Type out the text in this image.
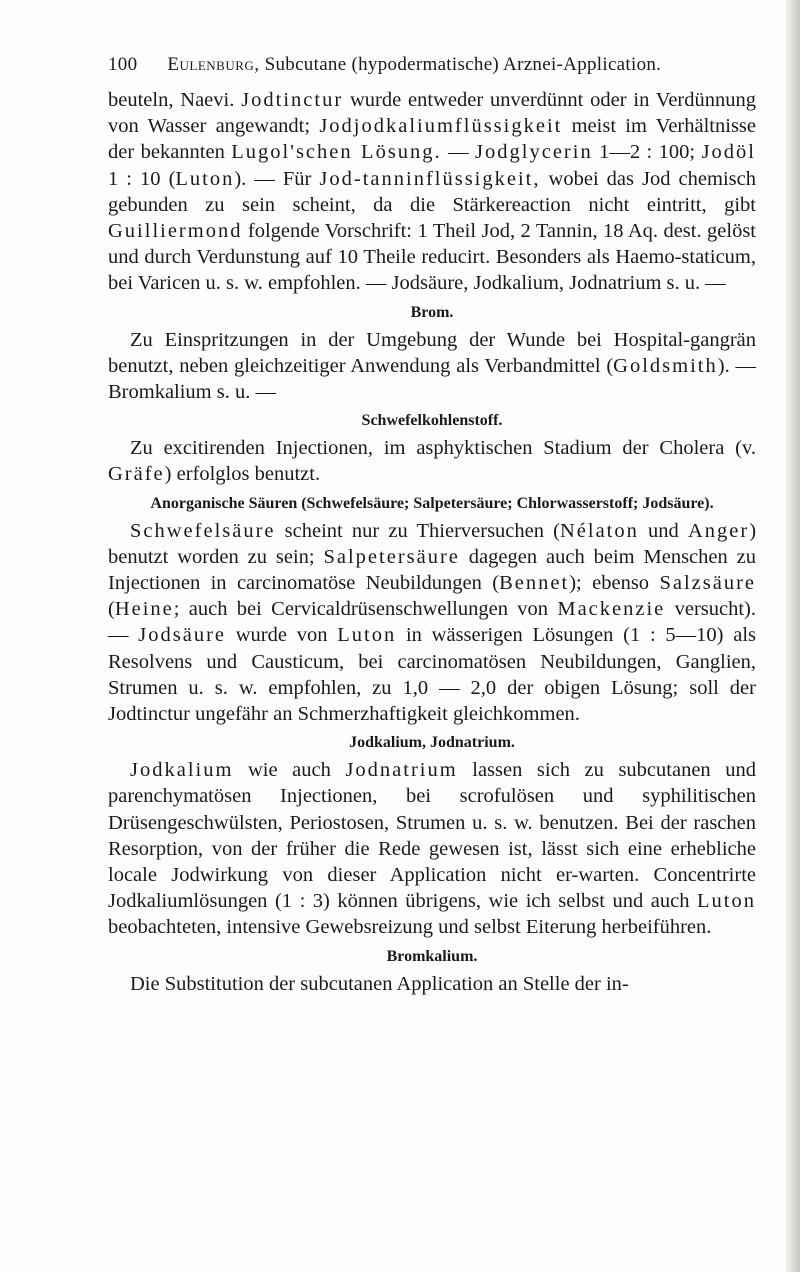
100 Eulenburg, Subcutane (hypodermatische) Arznei-Application.

beuteln, Naevi. Jodtinctur wurde entweder unverdünnt oder in Verdünnung von Wasser angewandt; Jodjodkaliumflüssigkeit meist im Verhältnisse der bekannten Lugol'schen Lösung. — Jodglycerin 1—2 : 100; Jodöl 1 : 10 (Luton). — Für Jod-tanninflüssigkeit, wobei das Jod chemisch gebunden zu sein scheint, da die Stärkereaction nicht eintritt, gibt Guilliermond folgende Vorschrift: 1 Theil Jod, 2 Tannin, 18 Aq. dest. gelöst und durch Verdunstung auf 10 Theile reducirt. Besonders als Haemo-staticum, bei Varicen u. s. w. empfohlen. — Jodsäure, Jodkalium, Jodnatrium s. u. —

Brom.

Zu Einspritzungen in der Umgebung der Wunde bei Hospital-gangrän benutzt, neben gleichzeitiger Anwendung als Verbandmittel (Goldsmith). — Bromkalium s. u. —

Schwefelkohlenstoff.

Zu excitirenden Injectionen, im asphyktischen Stadium der Cholera (v. Gräfe) erfolglos benutzt.

Anorganische Säuren (Schwefelsäure; Salpetersäure; Chlorwasserstoff; Jodsäure).

Schwefelsäure scheint nur zu Thierversuchen (Nélaton und Anger) benutzt worden zu sein; Salpetersäure dagegen auch beim Menschen zu Injectionen in carcinomatöse Neubildungen (Bennet); ebenso Salzsäure (Heine; auch bei Cervicaldrüsenschwellungen von Mackenzie versucht). — Jodsäure wurde von Luton in wässerigen Lösungen (1 : 5—10) als Resolvens und Causticum, bei carcinomatösen Neubildungen, Ganglien, Strumen u. s. w. empfohlen, zu 1,0 — 2,0 der obigen Lösung; soll der Jodtinctur ungefähr an Schmerzhaftigkeit gleichkommen.

Jodkalium, Jodnatrium.

Jodkalium wie auch Jodnatrium lassen sich zu subcutanen und parenchymatösen Injectionen, bei scrofulösen und syphilitischen Drüsengeschwülsten, Periostosen, Strumen u. s. w. benutzen. Bei der raschen Resorption, von der früher die Rede gewesen ist, lässt sich eine erhebliche locale Jodwirkung von dieser Application nicht er-warten. Concentrirte Jodkaliumlösungen (1 : 3) können übrigens, wie ich selbst und auch Luton beobachteten, intensive Gewebsreizung und selbst Eiterung herbeiführen.

Bromkalium.

Die Substitution der subcutanen Application an Stelle der in-
